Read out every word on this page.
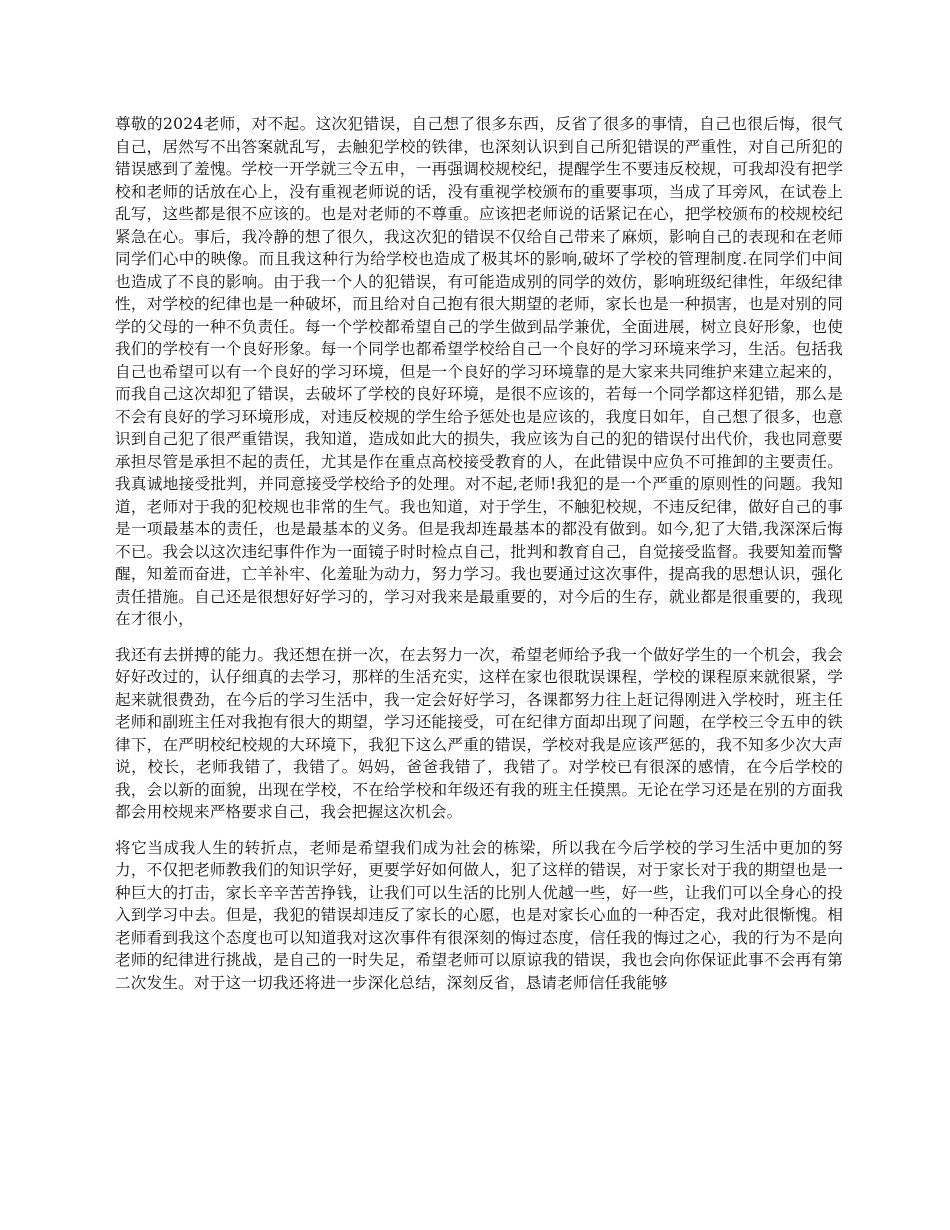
尊敬的2024老师，对不起。这次犯错误，自己想了很多东西，反省了很多的事情，自己也很后悔，很气自己，居然写不出答案就乱写，去触犯学校的铁律，也深刻认识到自己所犯错误的严重性，对自己所犯的错误感到了羞愧。学校一开学就三令五申，一再强调校规校纪，提醒学生不要违反校规，可我却没有把学校和老师的话放在心上，没有重视老师说的话，没有重视学校颁布的重要事项，当成了耳旁风，在试卷上乱写，这些都是很不应该的。也是对老师的不尊重。应该把老师说的话紧记在心，把学校颁布的校规校纪紧急在心。事后，我冷静的想了很久，我这次犯的错误不仅给自己带来了麻烦，影响自己的表现和在老师同学们心中的映像。而且我这种行为给学校也造成了极其坏的影响,破坏了学校的管理制度.在同学们中间也造成了不良的影响。由于我一个人的犯错误，有可能造成别的同学的效仿，影响班级纪律性，年级纪律性，对学校的纪律也是一种破坏，而且给对自己抱有很大期望的老师，家长也是一种损害，也是对别的同学的父母的一种不负责任。每一个学校都希望自己的学生做到品学兼优，全面进展，树立良好形象，也使我们的学校有一个良好形象。每一个同学也都希望学校给自己一个良好的学习环境来学习，生活。包括我自己也希望可以有一个良好的学习环境，但是一个良好的学习环境靠的是大家来共同维护来建立起来的，而我自己这次却犯了错误，去破坏了学校的良好环境，是很不应该的，若每一个同学都这样犯错，那么是不会有良好的学习环境形成，对违反校规的学生给予惩处也是应该的，我度日如年，自己想了很多，也意识到自己犯了很严重错误，我知道，造成如此大的损失，我应该为自己的犯的错误付出代价，我也同意要承担尽管是承担不起的责任，尤其是作在重点高校接受教育的人，在此错误中应负不可推卸的主要责任。我真诚地接受批判，并同意接受学校给予的处理。对不起,老师!我犯的是一个严重的原则性的问题。我知道，老师对于我的犯校规也非常的生气。我也知道，对于学生，不触犯校规，不违反纪律，做好自己的事是一项最基本的责任，也是最基本的义务。但是我却连最基本的都没有做到。如今,犯了大错,我深深后悔不已。我会以这次违纪事件作为一面镜子时时检点自己，批判和教育自己，自觉接受监督。我要知羞而警醒，知羞而奋进，亡羊补牢、化羞耻为动力，努力学习。我也要通过这次事件，提高我的思想认识，强化责任措施。自己还是很想好好学习的，学习对我来是最重要的，对今后的生存，就业都是很重要的，我现在才很小，

我还有去拼搏的能力。我还想在拼一次，在去努力一次，希望老师给予我一个做好学生的一个机会，我会好好改过的，认仔细真的去学习，那样的生活充实，这样在家也很耽误课程，学校的课程原来就很紧，学起来就很费劲，在今后的学习生活中，我一定会好好学习，各课都努力往上赶记得刚进入学校时，班主任老师和副班主任对我抱有很大的期望，学习还能接受，可在纪律方面却出现了问题，在学校三令五申的铁律下，在严明校纪校规的大环境下，我犯下这么严重的错误，学校对我是应该严惩的，我不知多少次大声说，校长，老师我错了，我错了。妈妈，爸爸我错了，我错了。对学校已有很深的感情，在今后学校的我，会以新的面貌，出现在学校，不在给学校和年级还有我的班主任摸黑。无论在学习还是在别的方面我都会用校规来严格要求自己，我会把握这次机会。

将它当成我人生的转折点，老师是希望我们成为社会的栋梁，所以我在今后学校的学习生活中更加的努力，不仅把老师教我们的知识学好，更要学好如何做人，犯了这样的错误，对于家长对于我的期望也是一种巨大的打击，家长辛辛苦苦挣钱，让我们可以生活的比别人优越一些，好一些，让我们可以全身心的投入到学习中去。但是，我犯的错误却违反了家长的心愿，也是对家长心血的一种否定，我对此很惭愧。相老师看到我这个态度也可以知道我对这次事件有很深刻的悔过态度，信任我的悔过之心，我的行为不是向老师的纪律进行挑战，是自己的一时失足，希望老师可以原谅我的错误，我也会向你保证此事不会再有第二次发生。对于这一切我还将进一步深化总结，深刻反省，恳请老师信任我能够
